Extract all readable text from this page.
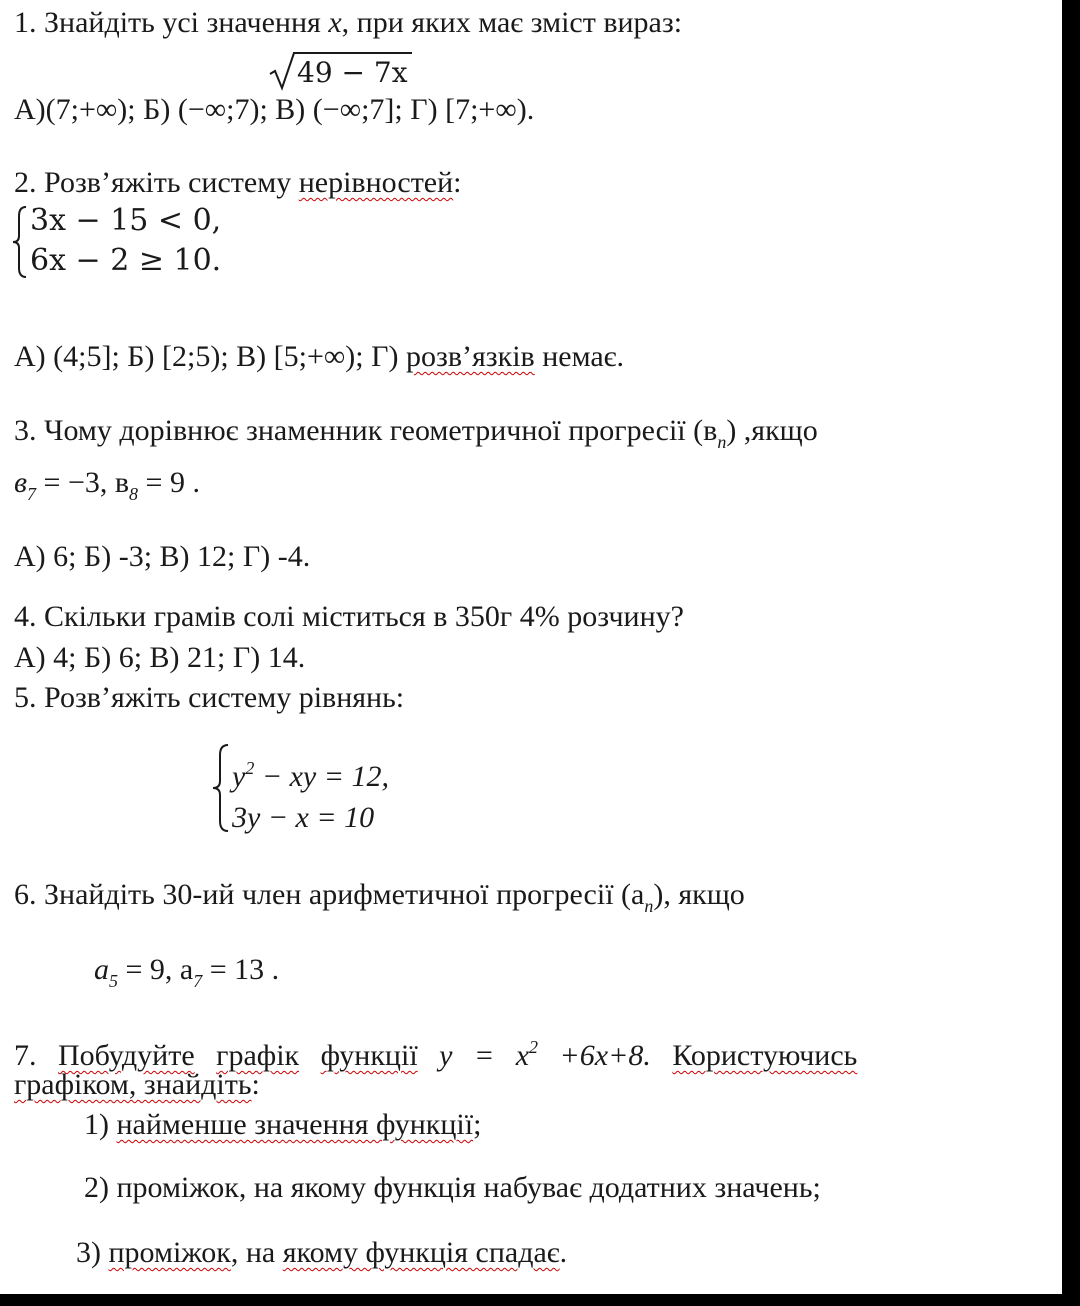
1. Знайдіть усі значення x, при яких має зміст вираз:
49 − 7x
А)(7;+∞); Б) (−∞;7); В) (−∞;7]; Г) [7;+∞).
2. Розв’яжіть систему нерівностей:
3x − 15 < 0,
6x − 2 ≥ 10.
А) (4;5]; Б) [2;5); В) [5;+∞); Г) розв’язків немає.
3. Чому дорівнює знаменник геометричної прогресії $(в_n)$ ,якщо
$в_7 = -3$, $в_8 = 9$ .
А) 6; Б) -3; В) 12; Г) -4.
4. Скільки грамів солі міститься в 350г 4% розчину?
А) 4; Б) 6; В) 21; Г) 14.
5. Розв’яжіть систему рівнянь:
$y^2$ − xy = 12,
3y − x = 10
6. Знайдіть 30-ий член арифметичної прогресії $(a_n)$, якщо
$a_5 = 9$, $a_7 = 13$ .
7. Побудуйте графік функції $y = x^2 +6x+8$. Користуючись
графіком, знайдіть:
1) найменше значення функції;
2) проміжок, на якому функція набуває додатних значень;
3) проміжок, на якому функція спадає.
